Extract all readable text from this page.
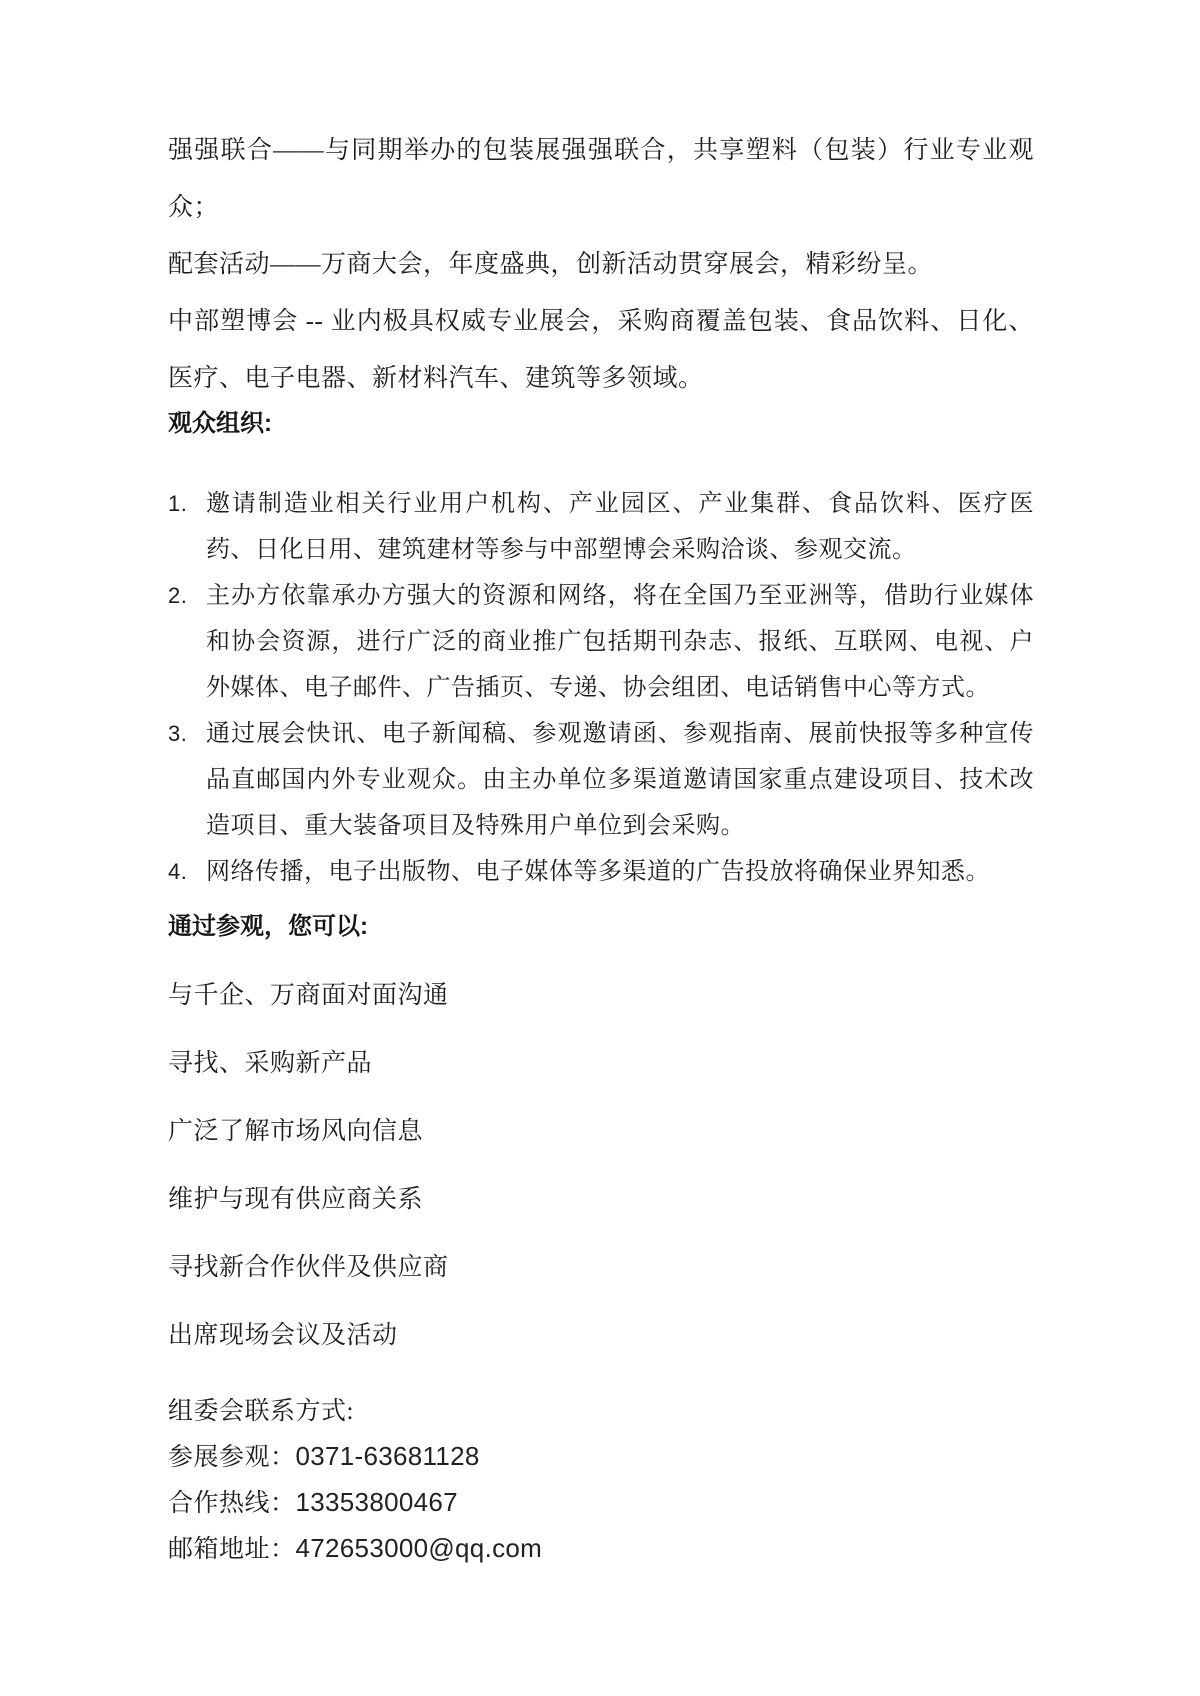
强强联合——与同期举办的包装展强强联合，共享塑料（包装）行业专业观众；

配套活动——万商大会，年度盛典，创新活动贯穿展会，精彩纷呈。

中部塑博会 -- 业内极具权威专业展会，采购商覆盖包装、食品饮料、日化、医疗、电子电器、新材料汽车、建筑等多领域。

观众组织:
1. 邀请制造业相关行业用户机构、产业园区、产业集群、食品饮料、医疗医药、日化日用、建筑建材等参与中部塑博会采购洽谈、参观交流。
2. 主办方依靠承办方强大的资源和网络，将在全国乃至亚洲等，借助行业媒体和协会资源，进行广泛的商业推广包括期刊杂志、报纸、互联网、电视、户外媒体、电子邮件、广告插页、专递、协会组团、电话销售中心等方式。
3. 通过展会快讯、电子新闻稿、参观邀请函、参观指南、展前快报等多种宣传品直邮国内外专业观众。由主办单位多渠道邀请国家重点建设项目、技术改造项目、重大装备项目及特殊用户单位到会采购。
4. 网络传播，电子出版物、电子媒体等多渠道的广告投放将确保业界知悉。
通过参观，您可以:

与千企、万商面对面沟通

寻找、采购新产品

广泛了解市场风向信息

维护与现有供应商关系

寻找新合作伙伴及供应商

出席现场会议及活动

组委会联系方式:

参展参观：0371-63681128

合作热线：13353800467

邮箱地址：472653000@qq.com
